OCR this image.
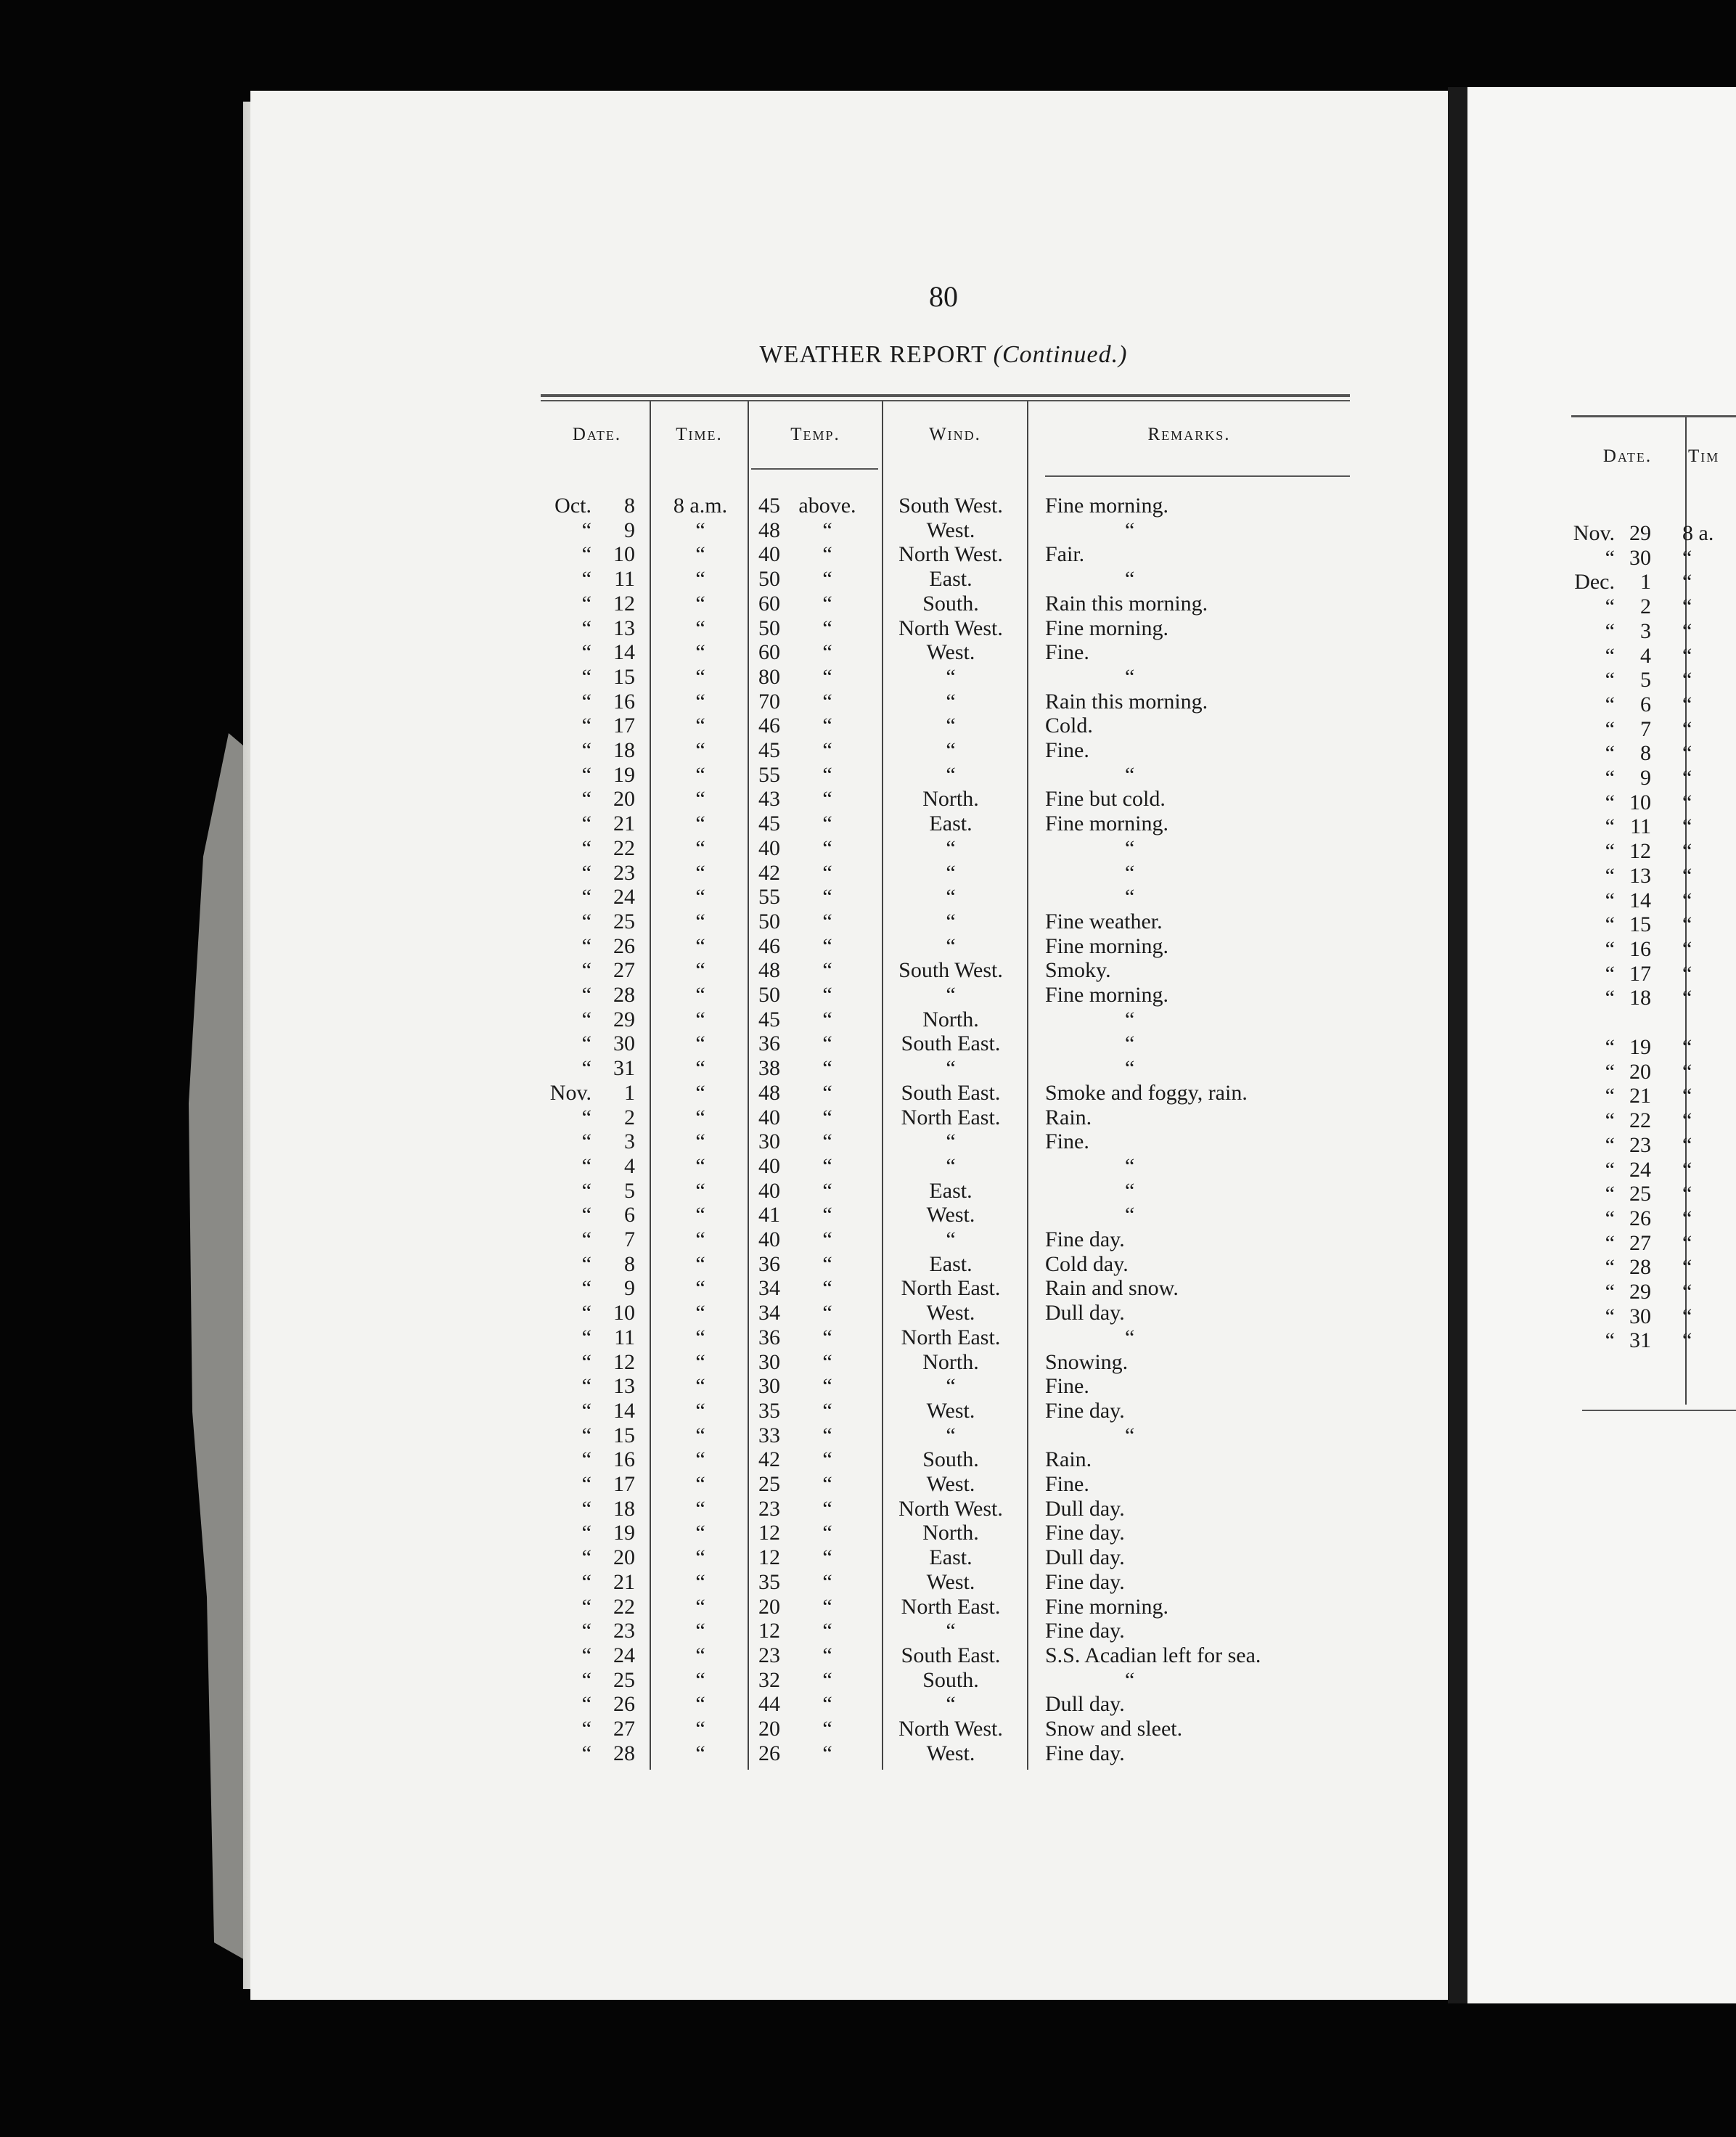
80
WEATHER REPORT (Continued.)
Date.	Time.	Temp.	Wind.	Remarks.
Oct.	8	8 a.m.	45 above.	South West.	Fine morning.
“	9	“	48	“	West.	“
“	10	“	40	“	North West.	Fair.
“	11	“	50	“	East.	“
“	12	“	60	“	South.	Rain this morning.
“	13	“	50	“	North West.	Fine morning.
“	14	“	60	“	West.	Fine.
“	15	“	80	“	“	“
“	16	“	70	“	“	Rain this morning.
“	17	“	46	“	“	Cold.
“	18	“	45	“	“	Fine.
“	19	“	55	“	“	“
“	20	“	43	“	North.	Fine but cold.
“	21	“	45	“	East.	Fine morning.
“	22	“	40	“	“	“
“	23	“	42	“	“	“
“	24	“	55	“	“	“
“	25	“	50	“	“	Fine weather.
“	26	“	46	“	“	Fine morning.
“	27	“	48	“	South West.	Smoky.
“	28	“	50	“	“	Fine morning.
“	29	“	45	“	North.	“
“	30	“	36	“	South East.	“
“	31	“	38	“	“	“
Nov.	1	“	48	“	South East.	Smoke and foggy, rain.
“	2	“	40	“	North East.	Rain.
“	3	“	30	“	“	Fine.
“	4	“	40	“	“	“
“	5	“	40	“	East.	“
“	6	“	41	“	West.	“
“	7	“	40	“	“	Fine day.
“	8	“	36	“	East.	Cold day.
“	9	“	34	“	North East.	Rain and snow.
“	10	“	34	“	West.	Dull day.
“	11	“	36	“	North East.	“
“	12	“	30	“	North.	Snowing.
“	13	“	30	“	“	Fine.
“	14	“	35	“	West.	Fine day.
“	15	“	33	“	“	“
“	16	“	42	“	South.	Rain.
“	17	“	25	“	West.	Fine.
“	18	“	23	“	North West.	Dull day.
“	19	“	12	“	North.	Fine day.
“	20	“	12	“	East.	Dull day.
“	21	“	35	“	West.	Fine day.
“	22	“	20	“	North East.	Fine morning.
“	23	“	12	“	“	Fine day.
“	24	“	23	“	South East.	S.S. Acadian left for sea.
“	25	“	32	“	South.	“
“	26	“	44	“	“	Dull day.
“	27	“	20	“	North West.	Snow and sleet.
“	28	“	26	“	West.	Fine day.
Date.	Tim
Nov. 29 8 a.
“ 30 “
Dec.	1 “
“	2 “
“	3 “
“	4 “
“	5 “
“	6 “
“	7 “
“	8 “
“	9 “
“ 10 “
“ 11 “
“ 12 “
“ 13 “
“ 14 “
“ 15 “
“ 16 “
“ 17 “
“ 18 “
“ 19 “
“ 20 “
“ 21 “
“ 22 “
“ 23 “
“ 24 “
“ 25 “
“ 26 “
“ 27 “
“ 28 “
“ 29 “
“ 30 “
“ 31 “
